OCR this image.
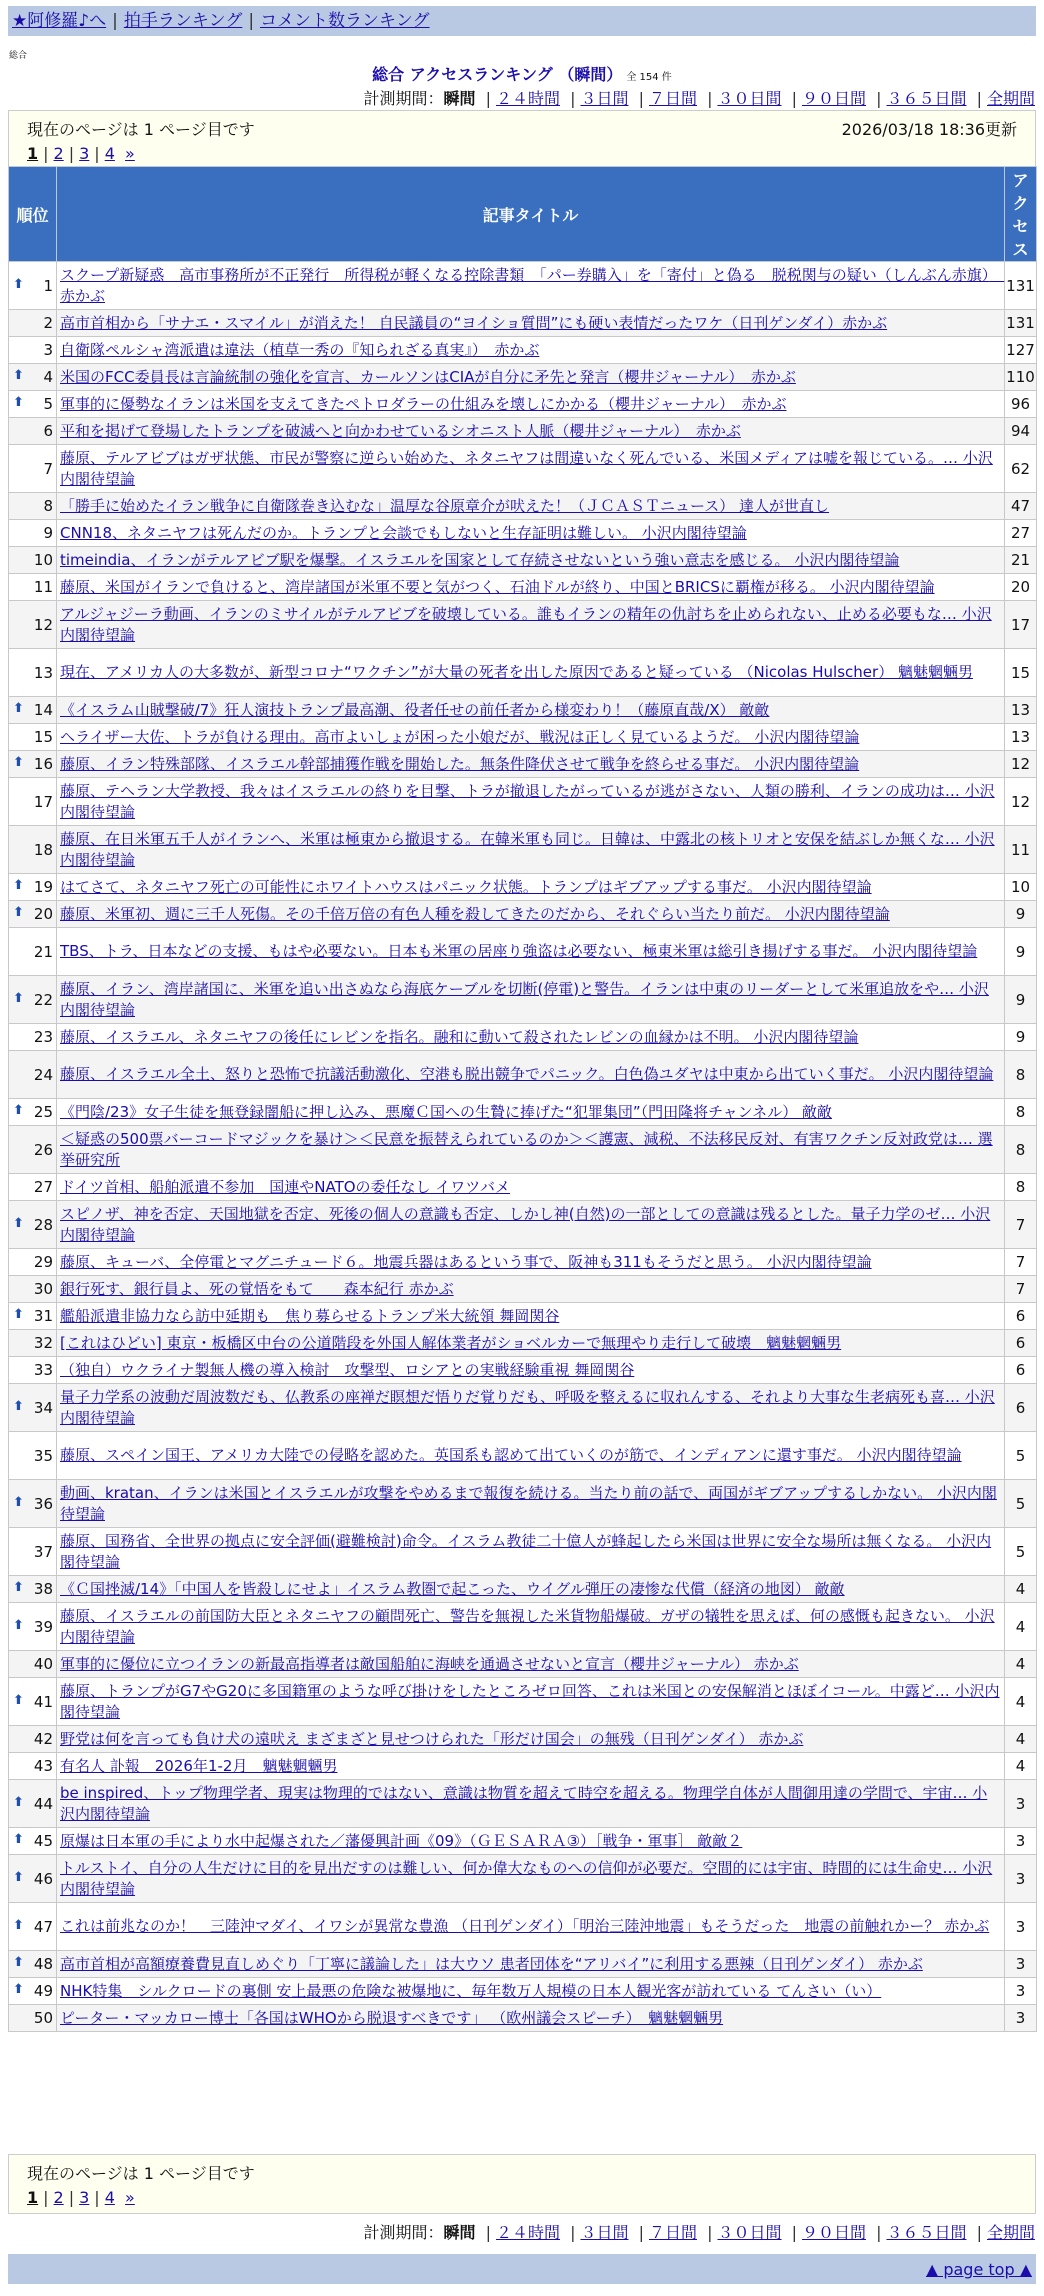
★阿修羅♪へ | 拍手ランキング | コメント数ランキング
総合
総合 アクセスランキング （瞬間） 全 154 件
計測期間：瞬間 | ２４時間 | ３日間 | ７日間 | ３０日間 | ９０日間 | ３６５日間 | 全期間
現在のページは 1 ページ目です	2026/03/18 18:36更新
1 | 2 | 3 | 4 »
順位	記事タイトル	アクセス

⬆ 1	スクープ新疑惑　高市事務所が不正発行　所得税が軽くなる控除書類　「パー券購入」を「寄付」と偽る　脱税関与の疑い（しんぶん赤旗）　赤かぶ	131
2	高市首相から「サナエ・スマイル」が消えた！ 自民議員の“ヨイショ質問”にも硬い表情だったワケ（日刊ゲンダイ）赤かぶ	131
3	自衛隊ペルシャ湾派遣は違法（植草一秀の『知られざる真実』）　赤かぶ	127

⬆ 4	米国のFCC委員長は言論統制の強化を宣言、カールソンはCIAが自分に矛先と発言（櫻井ジャーナル）　赤かぶ	110

⬆ 5	軍事的に優勢なイランは米国を支えてきたペトロダラーの仕組みを壊しにかかる（櫻井ジャーナル）　赤かぶ	96
6	平和を掲げて登場したトランプを破滅へと向かわせているシオニスト人脈（櫻井ジャーナル）　赤かぶ	94
7	藤原、テルアビブはガザ状態、市民が警察に逆らい始めた、ネタニヤフは間違いなく死んでいる、米国メディアは嘘を報じている。… 小沢内閣待望論	62
8	「勝手に始めたイラン戦争に自衛隊巻き込むな」温厚な谷原章介が吠えた！（ＪＣＡＳＴニュース） 達人が世直し	47
9	CNN18、ネタニヤフは死んだのか。トランプと会談でもしないと生存証明は難しい。 小沢内閣待望論	27
10	timeindia、イランがテルアビブ駅を爆撃。イスラエルを国家として存続させないという強い意志を感じる。 小沢内閣待望論	21
11	藤原、米国がイランで負けると、湾岸諸国が米軍不要と気がつく、石油ドルが終り、中国とBRICSに覇権が移る。 小沢内閣待望論	20
12	アルジャジーラ動画、イランのミサイルがテルアビブを破壊している。誰もイランの精年の仇討ちを止められない、止める必要もな… 小沢内閣待望論	17
13	現在、アメリカ人の大多数が、新型コロナ“ワクチン”が大量の死者を出した原因であると疑っている （Nicolas Hulscher） 魑魅魍魎男	15

⬆ 14	《イスラム山賊撃破/7》狂人演技トランプ最高潮、役者任せの前任者から様変わり！（藤原直哉/X） 敵敵	13
15	ヘライザー大佐、トラが負ける理由。高市よいしょが困った小娘だが、戦況は正しく見ているようだ。 小沢内閣待望論	13

⬆ 16	藤原、イラン特殊部隊、イスラエル幹部捕獲作戦を開始した。無条件降伏させて戦争を終らせる事だ。 小沢内閣待望論	12
17	藤原、テヘラン大学教授、我々はイスラエルの終りを目撃、トラが撤退したがっているが逃がさない、人類の勝利、イランの成功は… 小沢内閣待望論	12
18	藤原、在日米軍五千人がイランへ、米軍は極東から撤退する。在韓米軍も同じ。日韓は、中露北の核トリオと安保を結ぶしか無くな… 小沢内閣待望論	11

⬆ 19	はてさて、ネタニヤフ死亡の可能性にホワイトハウスはパニック状態。トランプはギブアップする事だ。 小沢内閣待望論	10

⬆ 20	藤原、米軍初、週に三千人死傷。その千倍万倍の有色人種を殺してきたのだから、それぐらい当たり前だ。 小沢内閣待望論	9
21	TBS、トラ、日本などの支援、もはや必要ない。日本も米軍の居座り強盗は必要ない、極東米軍は総引き揚げする事だ。 小沢内閣待望論	9

⬆ 22	藤原、イラン、湾岸諸国に、米軍を追い出さぬなら海底ケーブルを切断(停電)と警告。イランは中東のリーダーとして米軍追放をや… 小沢内閣待望論	9
23	藤原、イスラエル、ネタニヤフの後任にレビンを指名。融和に動いて殺されたレビンの血縁かは不明。 小沢内閣待望論	9
24	藤原、イスラエル全土、怒りと恐怖で抗議活動激化、空港も脱出競争でパニック。白色偽ユダヤは中東から出ていく事だ。 小沢内閣待望論	8

⬆ 25	《門陰/23》女子生徒を無登録闇船に押し込み、悪魔Ｃ国への生贄に捧げた“犯罪集団”（門田隆将チャンネル） 敵敵	8
26	＜疑惑の500票バーコードマジックを暴け＞＜民意を振替えられているのか＞＜護憲、減税、不法移民反対、有害ワクチン反対政党は… 選挙研究所	8
27	ドイツ首相、船舶派遣不参加　国連やNATOの委任なし イワツバメ	8

⬆ 28	スピノザ、神を否定、天国地獄を否定、死後の個人の意識も否定、しかし神(自然)の一部としての意識は残るとした。量子力学のゼ… 小沢内閣待望論	7
29	藤原、キューバ、全停電とマグニチュード６。地震兵器はあるという事で、阪神も311もそうだと思う。 小沢内閣待望論	7
30	銀行死す、銀行員よ、死の覚悟をもて　　森本紀行 赤かぶ	7

⬆ 31	艦船派遣非協力なら訪中延期も　焦り募らせるトランプ米大統領 舞岡関谷	6
32	[これはひどい] 東京・板橋区中台の公道階段を外国人解体業者がショベルカーで無理やり走行して破壊　魑魅魍魎男	6
33	（独自）ウクライナ製無人機の導入検討　攻撃型、ロシアとの実戦経験重視 舞岡関谷	6

⬆ 34	量子力学系の波動だ周波数だも、仏教系の座禅だ瞑想だ悟りだ覚りだも、呼吸を整えるに収れんする、それより大事な生老病死も喜… 小沢内閣待望論	6
35	藤原、スペイン国王、アメリカ大陸での侵略を認めた。英国系も認めて出ていくのが筋で、インディアンに還す事だ。 小沢内閣待望論	5

⬆ 36	動画、kratan、イランは米国とイスラエルが攻撃をやめるまで報復を続ける。当たり前の話で、両国がギブアップするしかない。 小沢内閣待望論	5
37	藤原、国務省、全世界の拠点に安全評価(避難検討)命令。イスラム教徒二十億人が蜂起したら米国は世界に安全な場所は無くなる。 小沢内閣待望論	5

⬆ 38	《Ｃ国挫滅/14》「中国人を皆殺しにせよ」イスラム教圏で起こった、ウイグル弾圧の凄惨な代償（経済の地図） 敵敵	4

⬆ 39	藤原、イスラエルの前国防大臣とネタニヤフの顧問死亡、警告を無視した米貨物船爆破。ガザの犠牲を思えば、何の感慨も起きない。 小沢内閣待望論	4
40	軍事的に優位に立つイランの新最高指導者は敵国船舶に海峡を通過させないと宣言（櫻井ジャーナル） 赤かぶ	4

⬆ 41	藤原、トランプがG7やG20に多国籍軍のような呼び掛けをしたところゼロ回答、これは米国との安保解消とほぼイコール。中露ど… 小沢内閣待望論	4
42	野党は何を言っても負け犬の遠吠え まざまざと見せつけられた「形だけ国会」の無残（日刊ゲンダイ） 赤かぶ	4
43	有名人 訃報　2026年1-2月　魑魅魍魎男	4

⬆ 44	be inspired、トップ物理学者、現実は物理的ではない、意識は物質を超えて時空を超える。物理学自体が人間御用達の学問で、宇宙… 小沢内閣待望論	3

⬆ 45	原爆は日本軍の手により水中起爆された／藩優興計画《09》（ＧＥＳＡＲＡ③）［戦争・軍事］ 敵敵２	3

⬆ 46	トルストイ、自分の人生だけに目的を見出だすのは難しい、何か偉大なものへの信仰が必要だ。空間的には宇宙、時間的には生命史… 小沢内閣待望論	3

⬆ 47	これは前兆なのか！　三陸沖マダイ、イワシが異常な豊漁 （日刊ゲンダイ）「明治三陸沖地震」もそうだった　地震の前触れかー？ 赤かぶ	3

⬆ 48	高市首相が高額療養費見直しめぐり「丁寧に議論した」は大ウソ 患者団体を“アリバイ”に利用する悪辣（日刊ゲンダイ） 赤かぶ	3

⬆ 49	NHK特集　シルクロードの裏側 安上最悪の危険な被爆地に、毎年数万人規模の日本人観光客が訪れている てんさい（い）	3
50	ピーター・マッカロー博士「各国はWHOから脱退すべきです」 （欧州議会スピーチ）　魑魅魍魎男	3
現在のページは 1 ページ目です
1 | 2 | 3 | 4 »
計測期間：瞬間 | ２４時間 | ３日間 | ７日間 | ３０日間 | ９０日間 | ３６５日間 | 全期間
▲ page top ▲
